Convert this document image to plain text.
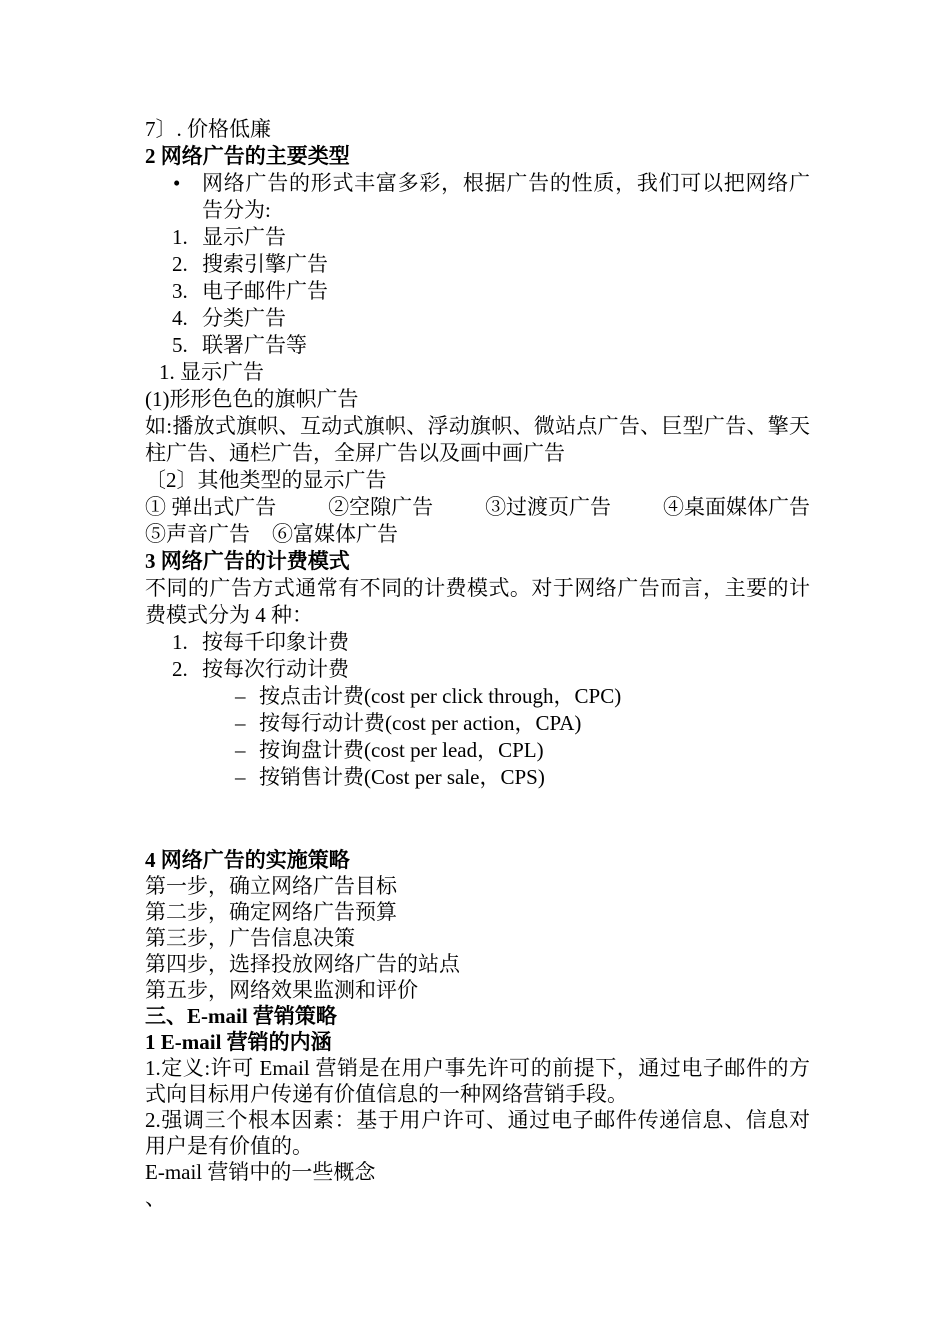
7〕. 价格低廉
2 网络广告的主要类型
• 网络广告的形式丰富多彩，根据广告的性质，我们可以把网络广告分为:
1. 显示广告
2. 搜索引擎广告
3. 电子邮件广告
4. 分类广告
5. 联署广告等
1. 显示广告
(1)形形色色的旗帜广告
如:播放式旗帜、互动式旗帜、浮动旗帜、微站点广告、巨型广告、擎天柱广告、通栏广告，全屏广告以及画中画广告
〔2〕其他类型的显示广告
① 弹出式广告 ②空隙广告 ③过渡页广告 ④桌面媒体广告
⑤声音广告 ⑥富媒体广告
3 网络广告的计费模式
不同的广告方式通常有不同的计费模式。对于网络广告而言，主要的计费模式分为 4 种：
1. 按每千印象计费
2. 按每次行动计费
– 按点击计费(cost per click through，CPC)
– 按每行动计费(cost per action，CPA)
– 按询盘计费(cost per lead，CPL)
– 按销售计费(Cost per sale，CPS)
4 网络广告的实施策略
第一步，确立网络广告目标
第二步，确定网络广告预算
第三步，广告信息决策
第四步，选择投放网络广告的站点
第五步，网络效果监测和评价
三、E-mail 营销策略
1 E-mail 营销的内涵
1.定义:许可 Email 营销是在用户事先许可的前提下，通过电子邮件的方式向目标用户传递有价值信息的一种网络营销手段。
2.强调三个根本因素：基于用户许可、通过电子邮件传递信息、信息对用户是有价值的。
E-mail 营销中的一些概念
、
